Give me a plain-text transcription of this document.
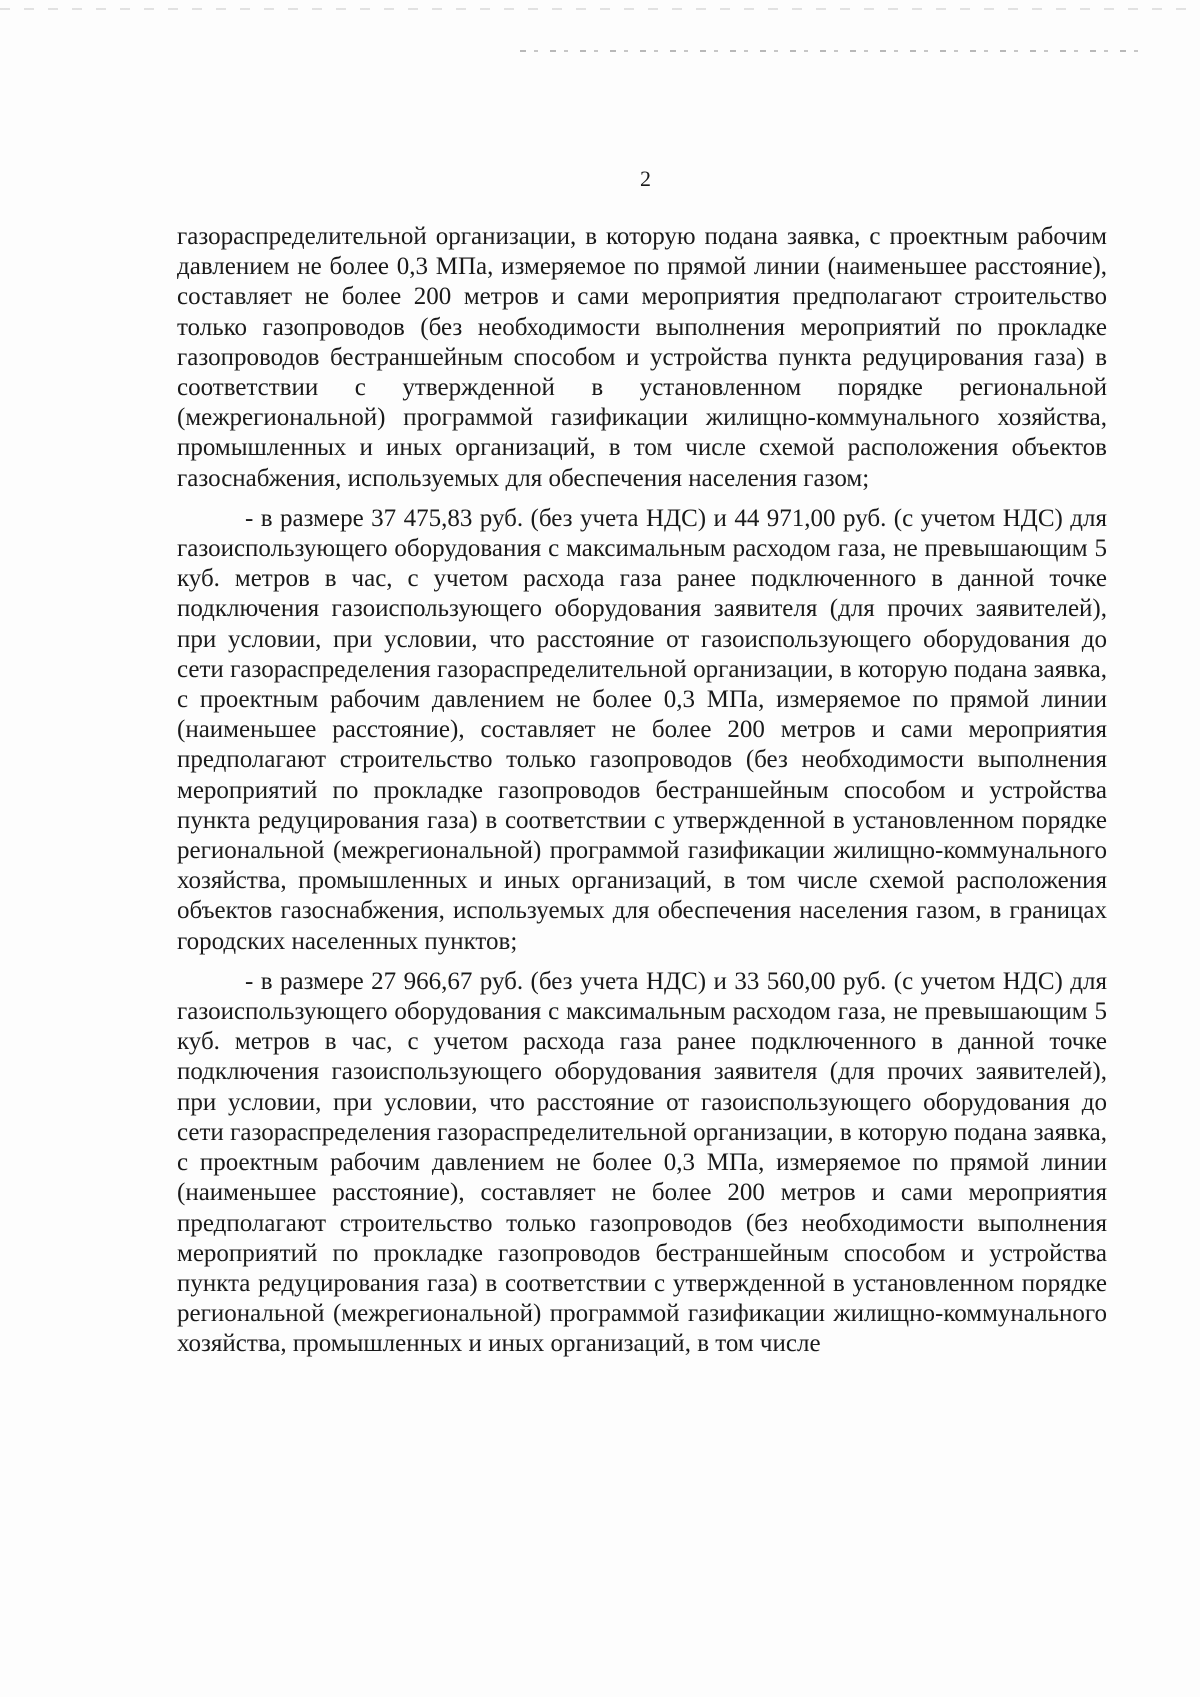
2

газораспределительной организации, в которую подана заявка, с проектным рабочим давлением не более 0,3 МПа, измеряемое по прямой линии (наименьшее расстояние), составляет не более 200 метров и сами мероприятия предполагают строительство только газопроводов (без необходимости выполнения мероприятий по прокладке газопроводов бестраншейным способом и устройства пункта редуцирования газа) в соответствии с утвержденной в установленном порядке региональной (межрегиональной) программой газификации жилищно-коммунального хозяйства, промышленных и иных организаций, в том числе схемой расположения объектов газоснабжения, используемых для обеспечения населения газом;

- в размере 37 475,83 руб. (без учета НДС) и 44 971,00 руб. (с учетом НДС) для газоиспользующего оборудования с максимальным расходом газа, не превышающим 5 куб. метров в час, с учетом расхода газа ранее подключенного в данной точке подключения газоиспользующего оборудования заявителя (для прочих заявителей), при условии, при условии, что расстояние от газоиспользующего оборудования до сети газораспределения газораспределительной организации, в которую подана заявка, с проектным рабочим давлением не более 0,3 МПа, измеряемое по прямой линии (наименьшее расстояние), составляет не более 200 метров и сами мероприятия предполагают строительство только газопроводов (без необходимости выполнения мероприятий по прокладке газопроводов бестраншейным способом и устройства пункта редуцирования газа) в соответствии с утвержденной в установленном порядке региональной (межрегиональной) программой газификации жилищно-коммунального хозяйства, промышленных и иных организаций, в том числе схемой расположения объектов газоснабжения, используемых для обеспечения населения газом, в границах городских населенных пунктов;

- в размере 27 966,67 руб. (без учета НДС) и 33 560,00 руб. (с учетом НДС) для газоиспользующего оборудования с максимальным расходом газа, не превышающим 5 куб. метров в час, с учетом расхода газа ранее подключенного в данной точке подключения газоиспользующего оборудования заявителя (для прочих заявителей), при условии, при условии, что расстояние от газоиспользующего оборудования до сети газораспределения газораспределительной организации, в которую подана заявка, с проектным рабочим давлением не более 0,3 МПа, измеряемое по прямой линии (наименьшее расстояние), составляет не более 200 метров и сами мероприятия предполагают строительство только газопроводов (без необходимости выполнения мероприятий по прокладке газопроводов бестраншейным способом и устройства пункта редуцирования газа) в соответствии с утвержденной в установленном порядке региональной (межрегиональной) программой газификации жилищно-коммунального хозяйства, промышленных и иных организаций, в том числе
